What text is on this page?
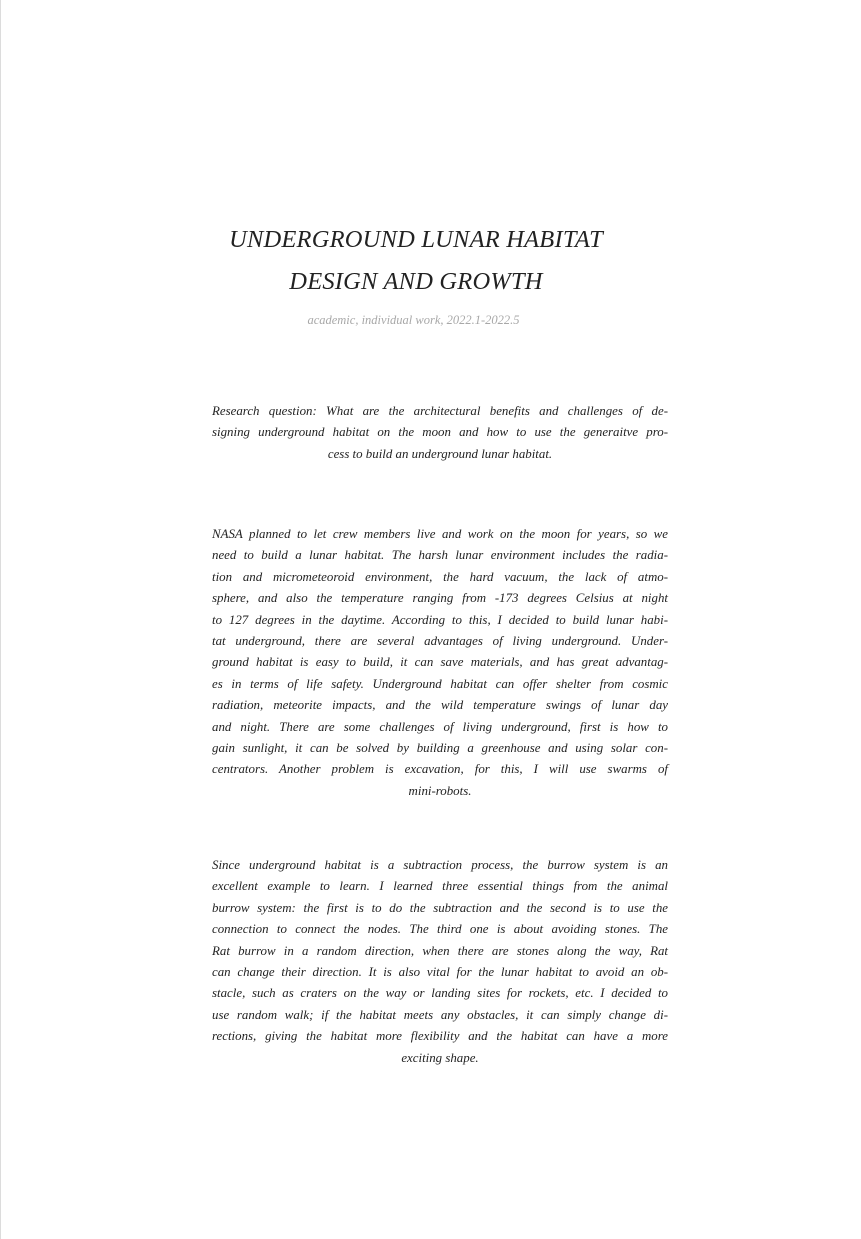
UNDERGROUND LUNAR HABITAT
DESIGN AND GROWTH
academic, individual work, 2022.1-2022.5
Research question: What are the architectural benefits and challenges of de-
signing underground habitat on the moon and how to use the generaitve pro-
cess to build an underground lunar habitat.
NASA planned to let crew members live and work on the moon for years, so we
need to build a lunar habitat. The harsh lunar environment includes the radia-
tion and micrometeoroid environment, the hard vacuum, the lack of atmo-
sphere, and also the temperature ranging from -173 degrees Celsius at night
to 127 degrees in the daytime. According to this, I decided to build lunar habi-
tat underground, there are several advantages of living underground. Under-
ground habitat is easy to build, it can save materials, and has great advantag-
es in terms of life safety. Underground habitat can offer shelter from cosmic
radiation, meteorite impacts, and the wild temperature swings of lunar day
and night. There are some challenges of living underground, first is how to
gain sunlight, it can be solved by building a greenhouse and using solar con-
centrators. Another problem is excavation, for this, I will use swarms of
mini-robots.
Since underground habitat is a subtraction process, the burrow system is an
excellent example to learn. I learned three essential things from the animal
burrow system: the first is to do the subtraction and the second is to use the
connection to connect the nodes. The third one is about avoiding stones. The
Rat burrow in a random direction, when there are stones along the way, Rat
can change their direction. It is also vital for the lunar habitat to avoid an ob-
stacle, such as craters on the way or landing sites for rockets, etc. I decided to
use random walk; if the habitat meets any obstacles, it can simply change di-
rections, giving the habitat more flexibility and the habitat can have a more
exciting shape.
